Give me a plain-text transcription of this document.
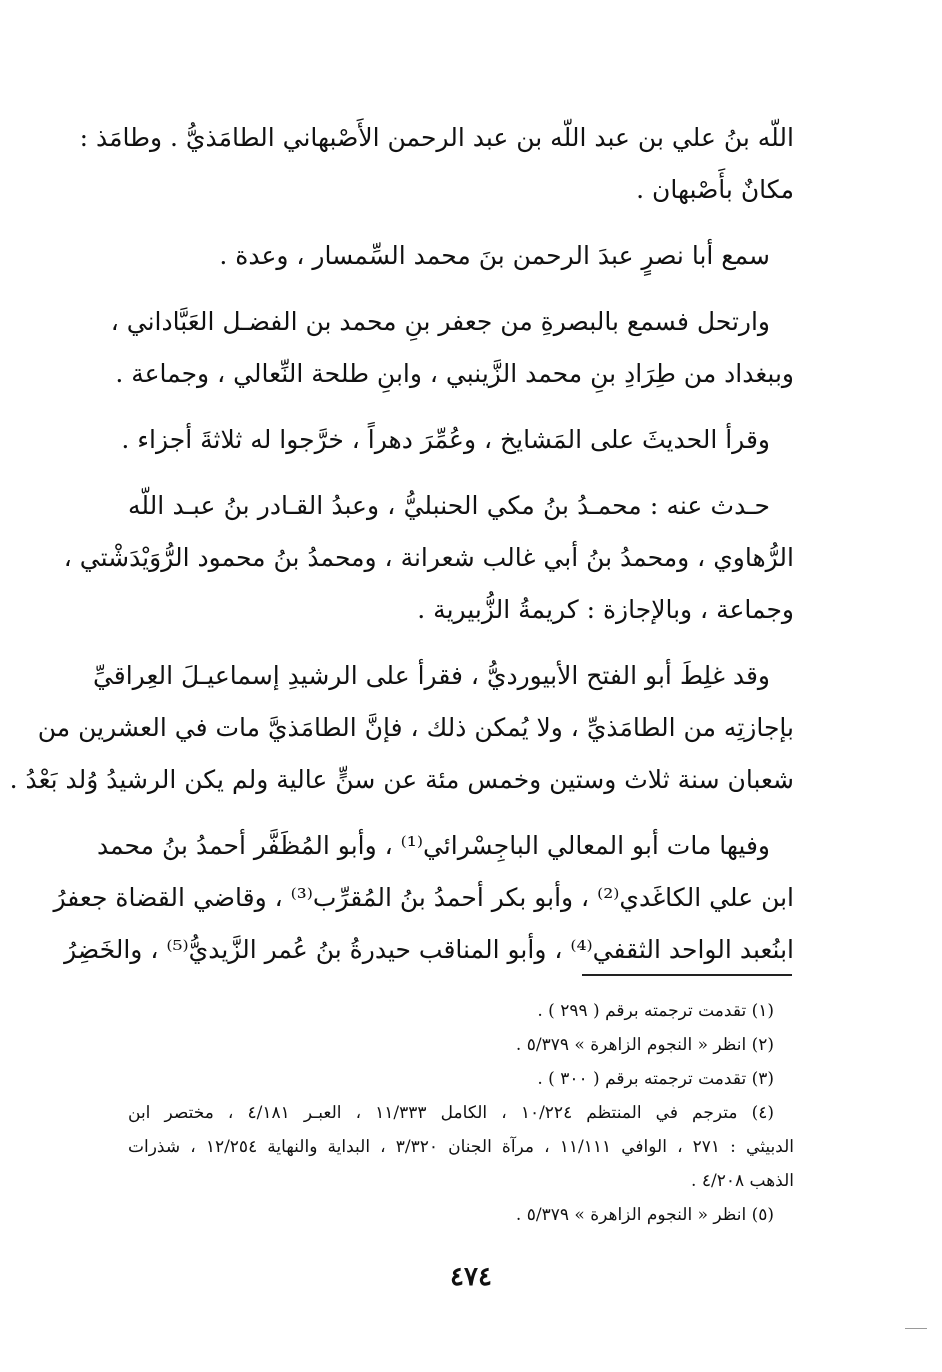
اللّه بنُ علي بن عبد اللّه بن عبد الرحمن الأَصْبهاني الطامَذيُّ . وطامَذ :
مكانٌ بأَصْبهان .
سمع أبا نصرٍ عبدَ الرحمن بنَ محمد السِّمسار ، وعدة .
وارتحل فسمع بالبصرةِ من جعفر بنِ محمد بن الفضـل العَبَّاداني ،
وببغداد من طِرَادِ بنِ محمد الزَّينبي ، وابنِ طلحة النِّعالي ، وجماعة .
وقرأ الحديثَ على المَشايخ ، وعُمِّرَ دهراً ، خرَّجوا له ثلاثةَ أجزاء .
حـدث عنه : محمـدُ بنُ مكي الحنبليُّ ، وعبدُ القـادر بنُ عبـد اللّه
الرُّهاوي ، ومحمدُ بنُ أبي غالب شعرانة ، ومحمدُ بنُ محمود الرُّوَيْدَشْتي ،
وجماعة ، وبالإجازة : كريمةُ الزُّبيرية .
وقد غلِطَ أبو الفتح الأبيورديُّ ، فقرأ على الرشيدِ إسماعيـلَ العِراقيِّ
بإجازتِه من الطامَذيِّ ، ولا يُمكن ذلك ، فإنَّ الطامَذيَّ مات في العشرين من
شعبان سنة ثلاث وستين وخمس مئة عن سنٍّ عالية ولم يكن الرشيدُ وُلد بَعْدُ .
وفيها مات أبو المعالي الباجِسْرائي⁽¹⁾ ، وأبو المُظَفَّر أحمدُ بنُ محمد
ابن علي الكاغَدي⁽²⁾ ، وأبو بكر أحمدُ بنُ المُقرِّب⁽³⁾ ، وقاضي القضاة جعفرُ
ابنُعبد الواحد الثقفي⁽⁴⁾ ، وأبو المناقب حيدرةُ بنُ عُمر الزَّيديُّ⁽⁵⁾ ، والخَضِرُ
(١) تقدمت ترجمته برقم ( ٢٩٩ ) .
(٢) انظر « النجوم الزاهرة » ٥/٣٧٩ .
(٣) تقدمت ترجمته برقم ( ٣٠٠ ) .
(٤) مترجم في المنتظم ١٠/٢٢٤ ، الكامل ١١/٣٣٣ ، العبـر ٤/١٨١ ، مختصر ابن
الدبيثي : ٢٧١ ، الوافي ١١/١١١ ، مرآة الجنان ٣/٣٢٠ ، البداية والنهاية ١٢/٢٥٤ ، شذرات
الذهب ٤/٢٠٨ .
(٥) انظر « النجوم الزاهرة » ٥/٣٧٩ .
٤٧٤
